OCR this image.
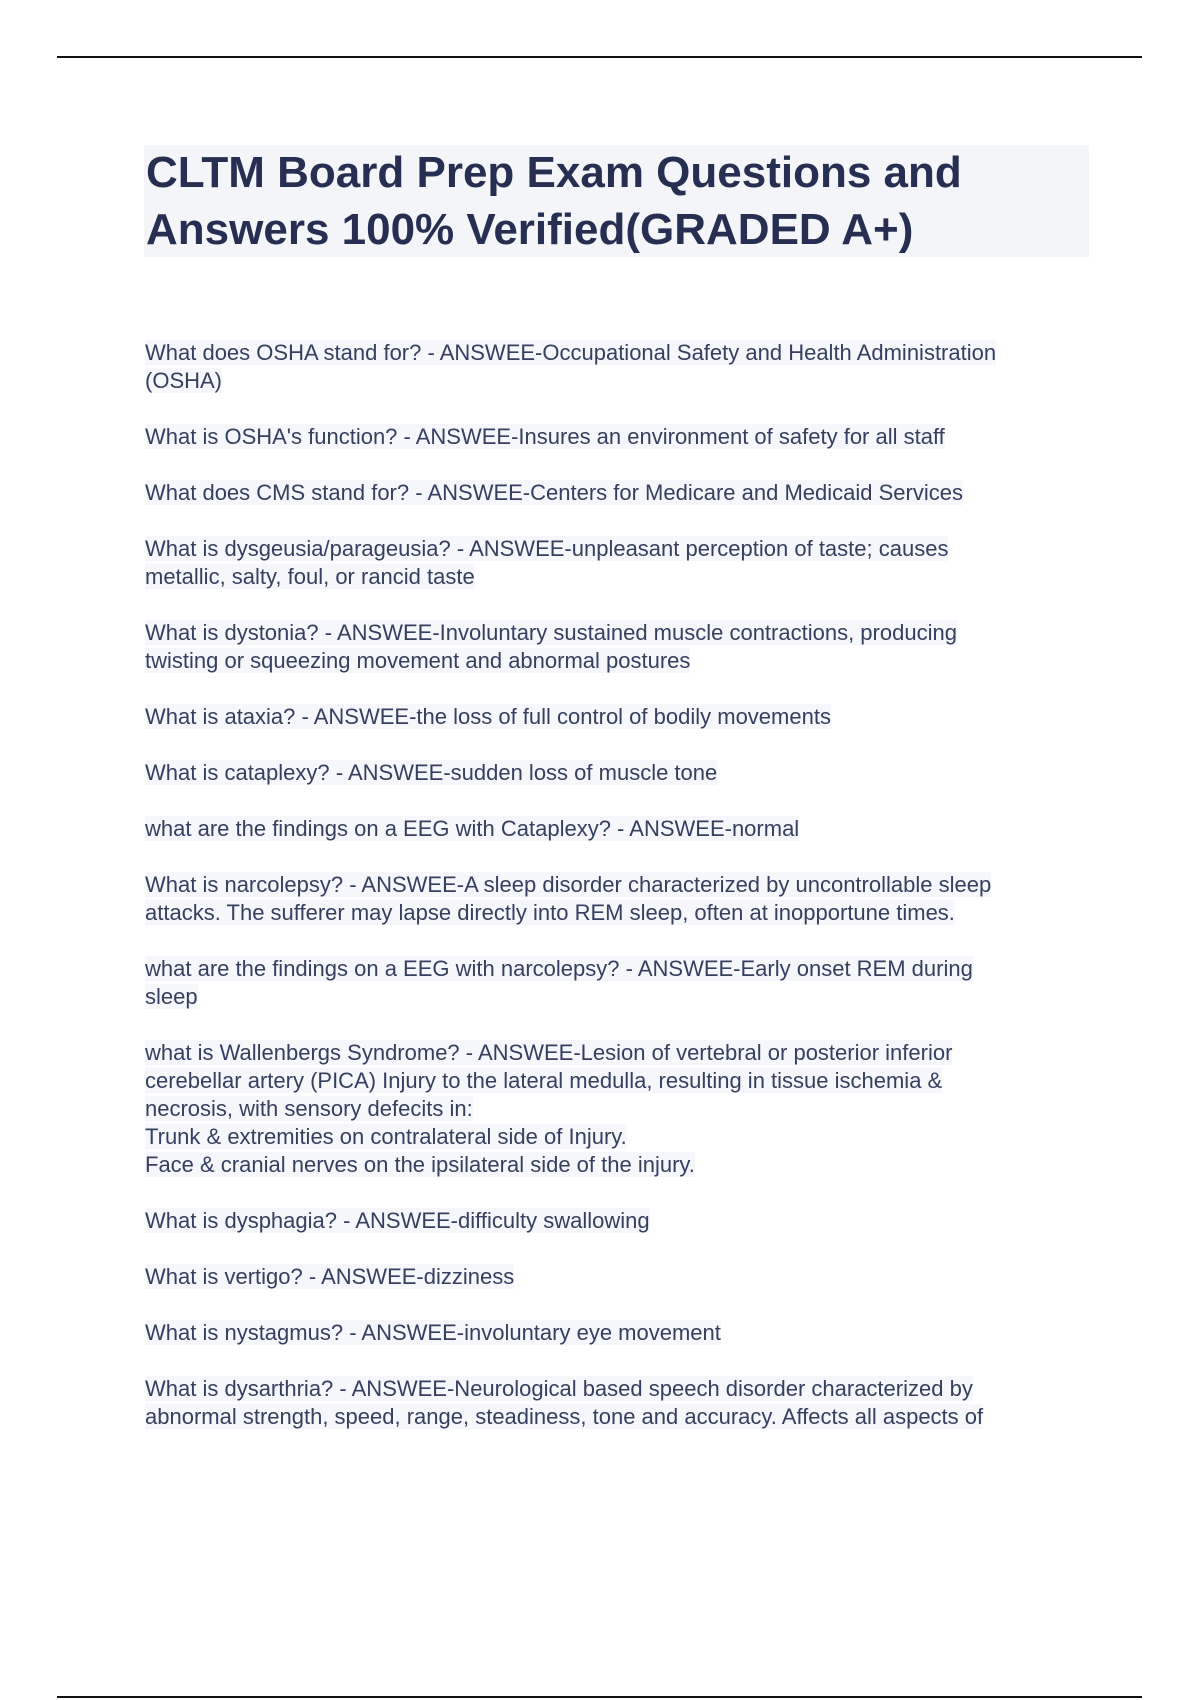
CLTM Board Prep Exam Questions and Answers 100% Verified(GRADED A+)
What does OSHA stand for? - ANSWEE-Occupational Safety and Health Administration
(OSHA)
What is OSHA's function? - ANSWEE-Insures an environment of safety for all staff
What does CMS stand for? - ANSWEE-Centers for Medicare and Medicaid Services
What is dysgeusia/parageusia? - ANSWEE-unpleasant perception of taste; causes
metallic, salty, foul, or rancid taste
What is dystonia? - ANSWEE-Involuntary sustained muscle contractions, producing
twisting or squeezing movement and abnormal postures
What is ataxia? - ANSWEE-the loss of full control of bodily movements
What is cataplexy? - ANSWEE-sudden loss of muscle tone
what are the findings on a EEG with Cataplexy? - ANSWEE-normal
What is narcolepsy? - ANSWEE-A sleep disorder characterized by uncontrollable sleep
attacks. The sufferer may lapse directly into REM sleep, often at inopportune times.
what are the findings on a EEG with narcolepsy? - ANSWEE-Early onset REM during
sleep
what is Wallenbergs Syndrome? - ANSWEE-Lesion of vertebral or posterior inferior
cerebellar artery (PICA) Injury to the lateral medulla, resulting in tissue ischemia &
necrosis, with sensory defecits in:
Trunk & extremities on contralateral side of Injury.
Face & cranial nerves on the ipsilateral side of the injury.
What is dysphagia? - ANSWEE-difficulty swallowing
What is vertigo? - ANSWEE-dizziness
What is nystagmus? - ANSWEE-involuntary eye movement
What is dysarthria? - ANSWEE-Neurological based speech disorder characterized by
abnormal strength, speed, range, steadiness, tone and accuracy. Affects all aspects of
